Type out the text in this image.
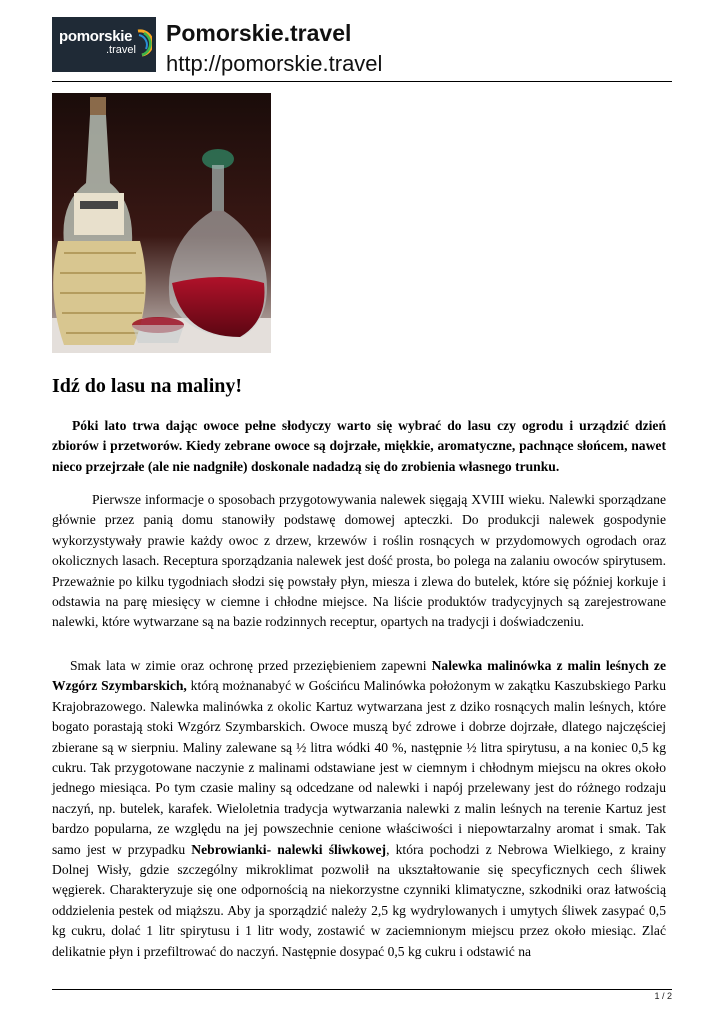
pomorskie
.travel
Pomorskie.travel
http://pomorskie.travel
Idź do lasu na maliny!

Póki lato trwa dając owoce pełne słodyczy warto się wybrać do lasu czy ogrodu i urządzić dzień zbiorów i przetworów. Kiedy zebrane owoce są dojrzałe, miękkie, aromatyczne, pachnące słońcem, nawet nieco przejrzałe (ale nie nadgniłe) doskonale nadadzą się do zrobienia własnego trunku.

Pierwsze informacje o sposobach przygotowywania nalewek sięgają XVIII wieku. Nalewki sporządzane głównie przez panią domu stanowiły podstawę domowej apteczki. Do produkcji nalewek gospodynie wykorzystywały prawie każdy owoc z drzew, krzewów i roślin rosnących w przydomowych ogrodach oraz okolicznych lasach. Receptura sporządzania nalewek jest dość prosta, bo polega na zalaniu owoców spirytusem. Przeważnie po kilku tygodniach słodzi się powstały płyn, miesza i zlewa do butelek, które się później korkuje i odstawia na parę miesięcy w ciemne i chłodne miejsce. Na liście produktów tradycyjnych są zarejestrowane nalewki, które wytwarzane są na bazie rodzinnych receptur, opartych na tradycji i doświadczeniu.

Smak lata w zimie oraz ochronę przed przeziębieniem zapewni Nalewka malinówka z malin leśnych ze Wzgórz Szymbarskich, którą możnanabyć w Gościńcu Malinówka położonym w zakątku Kaszubskiego Parku Krajobrazowego. Nalewka malinówka z okolic Kartuz wytwarzana jest z dziko rosnących malin leśnych, które bogato porastają stoki Wzgórz Szymbarskich. Owoce muszą być zdrowe i dobrze dojrzałe, dlatego najczęściej zbierane są w sierpniu. Maliny zalewane są ½ litra wódki 40 %, następnie ½ litra spirytusu, a na koniec 0,5 kg cukru. Tak przygotowane naczynie z malinami odstawiane jest w ciemnym i chłodnym miejscu na okres około jednego miesiąca. Po tym czasie maliny są odcedzane od nalewki i napój przelewany jest do różnego rodzaju naczyń, np. butelek, karafek. Wieloletnia tradycja wytwarzania nalewki z malin leśnych na terenie Kartuz jest bardzo popularna, ze względu na jej powszechnie cenione właściwości i niepowtarzalny aromat i smak. Tak samo jest w przypadku Nebrowianki- nalewki śliwkowej, która pochodzi z Nebrowa Wielkiego, z krainy Dolnej Wisły, gdzie szczególny mikroklimat pozwolił na ukształtowanie się specyficznych cech śliwek węgierek. Charakteryzuje się one odpornością na niekorzystne czynniki klimatyczne, szkodniki oraz łatwością oddzielenia pestek od miąższu. Aby ja sporządzić należy 2,5 kg wydrylowanych i umytych śliwek zasypać 0,5 kg cukru, dolać 1 litr spirytusu i 1 litr wody, zostawić w zaciemnionym miejscu przez około miesiąc. Zlać delikatnie płyn i przefiltrować do naczyń. Następnie dosypać 0,5 kg cukru i odstawić na

1 / 2
